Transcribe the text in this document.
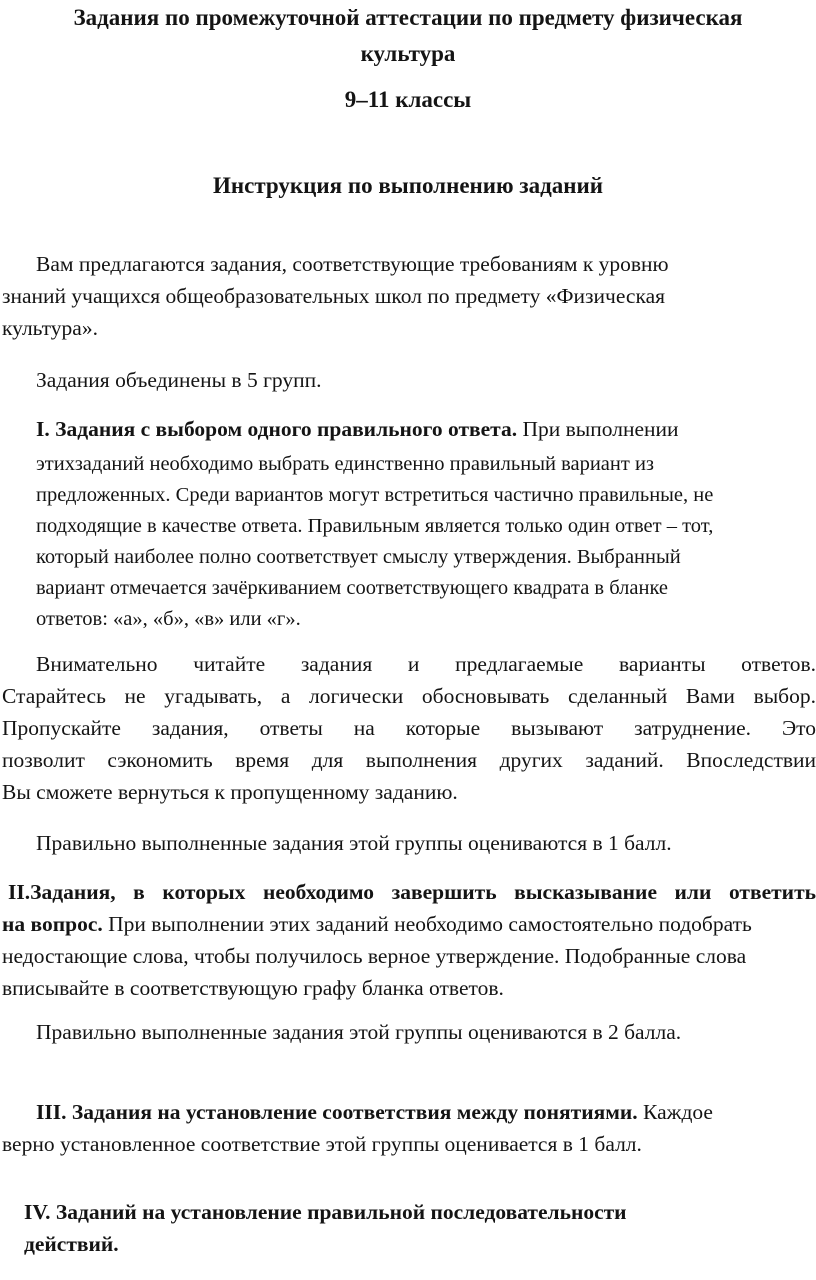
Задания по промежуточной аттестации по предмету физическая
культура
9–11 классы
Инструкция по выполнению заданий
Вам предлагаются задания, соответствующие требованиям к уровню
знаний учащихся общеобразовательных школ по предмету «Физическая
культура».
Задания объединены в 5 групп.
I. Задания с выбором одного правильного ответа. При выполнении
этихзаданий необходимо выбрать единственно правильный вариант из
предложенных. Среди вариантов могут встретиться частично правильные, не
подходящие в качестве ответа. Правильным является только один ответ – тот,
который наиболее полно соответствует смыслу утверждения. Выбранный
вариант отмечается зачёркиванием соответствующего квадрата в бланке
ответов: «а», «б», «в» или «г».
Внимательно читайте задания и предлагаемые варианты ответов.
Старайтесь не угадывать, а логически обосновывать сделанный Вами выбор.
Пропускайте задания, ответы на которые вызывают затруднение. Это
позволит сэкономить время для выполнения других заданий. Впоследствии
Вы сможете вернуться к пропущенному заданию.
Правильно выполненные задания этой группы оцениваются в 1 балл.
II.Задания, в которых необходимо завершить высказывание или ответить
на вопрос. При выполнении этих заданий необходимо самостоятельно подобрать
недостающие слова, чтобы получилось верное утверждение. Подобранные слова
вписывайте в соответствующую графу бланка ответов.
Правильно выполненные задания этой группы оцениваются в 2 балла.
III. Задания на установление соответствия между понятиями. Каждое
верно установленное соответствие этой группы оценивается в 1 балл.
IV. Заданий на установление правильной последовательности
действий.
